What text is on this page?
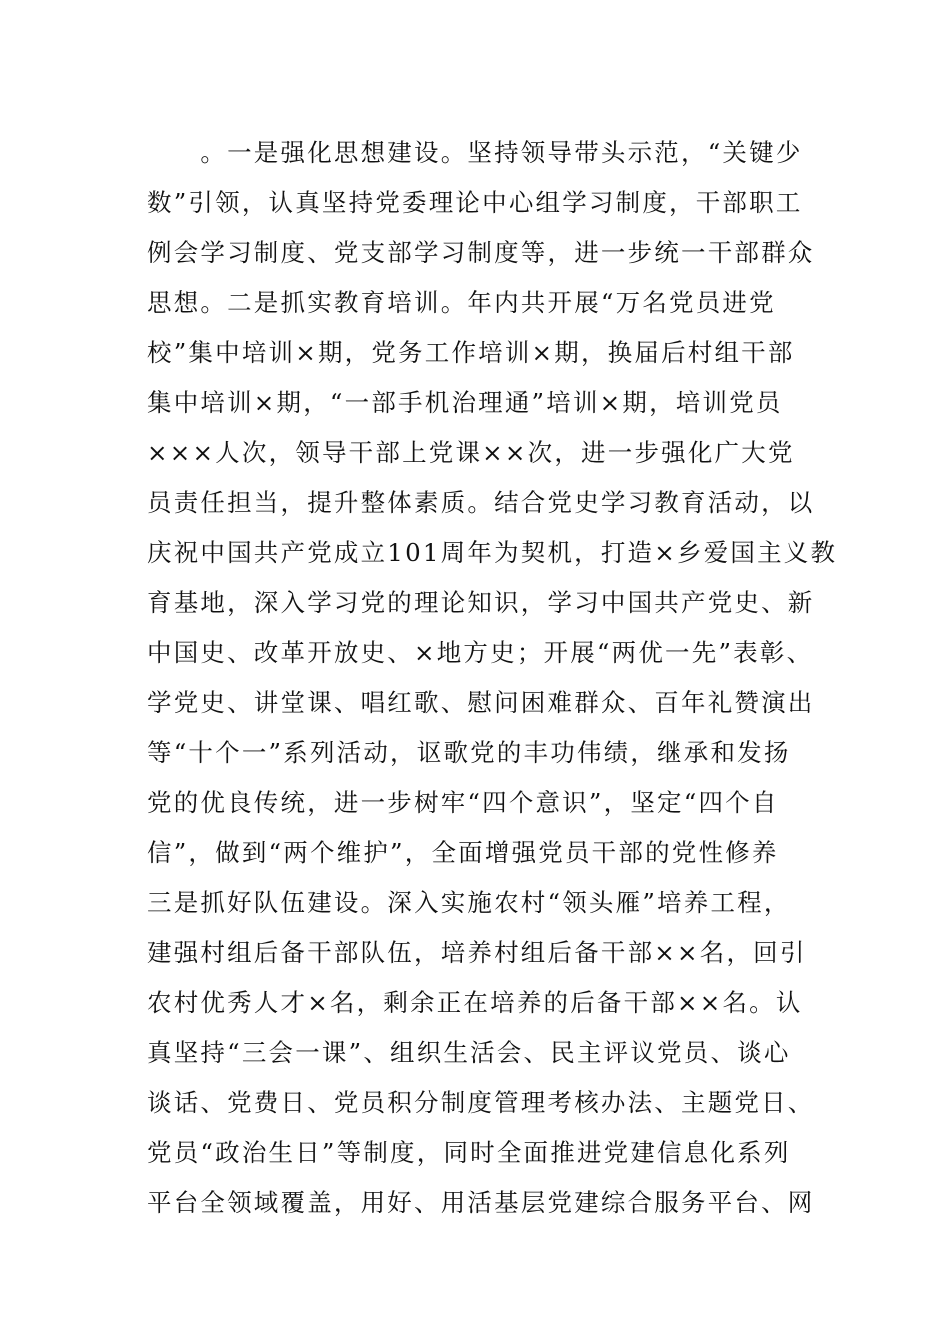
　　。一是强化思想建设。坚持领导带头示范，“关键少
数”引领，认真坚持党委理论中心组学习制度，干部职工
例会学习制度、党支部学习制度等，进一步统一干部群众
思想。二是抓实教育培训。年内共开展“万名党员进党
校”集中培训×期，党务工作培训×期，换届后村组干部
集中培训×期，“一部手机治理通”培训×期，培训党员
×××人次，领导干部上党课××次，进一步强化广大党
员责任担当，提升整体素质。结合党史学习教育活动，以
庆祝中国共产党成立101周年为契机，打造×乡爱国主义教
育基地，深入学习党的理论知识，学习中国共产党史、新
中国史、改革开放史、×地方史；开展“两优一先”表彰、
学党史、讲堂课、唱红歌、慰问困难群众、百年礼赞演出
等“十个一”系列活动，讴歌党的丰功伟绩，继承和发扬
党的优良传统，进一步树牢“四个意识”，坚定“四个自
信”，做到“两个维护”，全面增强党员干部的党性修养
三是抓好队伍建设。深入实施农村“领头雁”培养工程，
建强村组后备干部队伍，培养村组后备干部××名，回引
农村优秀人才×名，剩余正在培养的后备干部××名。认
真坚持“三会一课”、组织生活会、民主评议党员、谈心
谈话、党费日、党员积分制度管理考核办法、主题党日、
党员“政治生日”等制度，同时全面推进党建信息化系列
平台全领域覆盖，用好、用活基层党建综合服务平台、网
